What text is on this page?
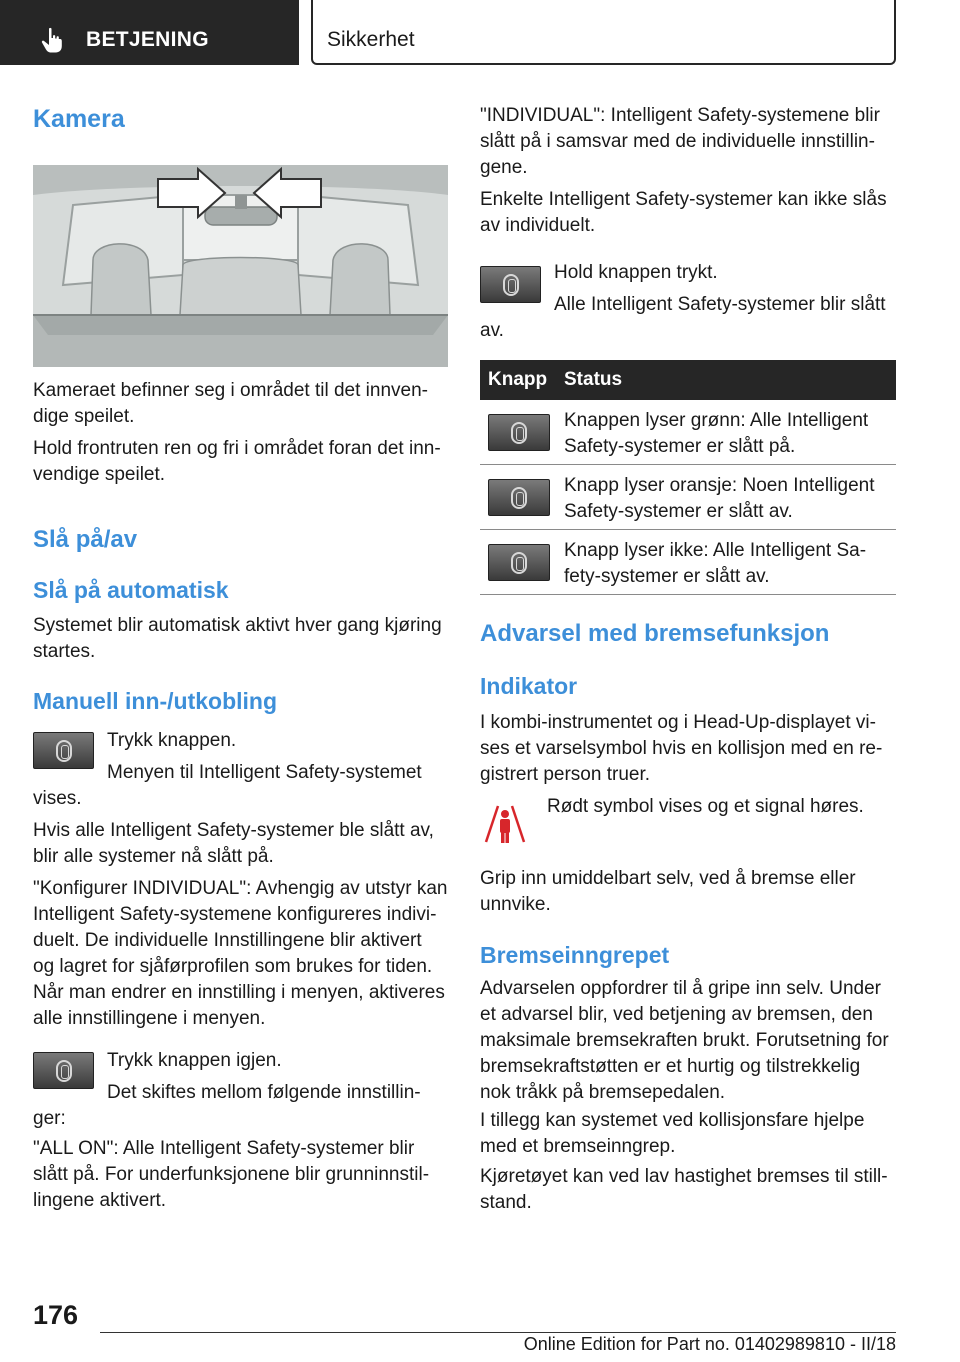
BETJENING	Sikkerhet
Kamera

Kameraet befinner seg i området til det innven-dige speilet.

Hold frontruten ren og fri i området foran det inn-vendige speilet.

Slå på/av
Slå på automatisk

Systemet blir automatisk aktivt hver gang kjøring startes.

Manuell inn-/utkobling

Trykk knappen.

Menyen til Intelligent Safety-systemet vises.

Hvis alle Intelligent Safety-systemer ble slått av, blir alle systemer nå slått på.

"Konfigurer INDIVIDUAL": Avhengig av utstyr kan Intelligent Safety-systemene konfigureres indivi-duelt. De individuelle Innstillingene blir aktivert og lagret for sjåførprofilen som brukes for tiden. Når man endrer en innstilling i menyen, aktiveres alle innstillingene i menyen.

Trykk knappen igjen.

Det skiftes mellom følgende innstillin-ger:

"ALL ON": Alle Intelligent Safety-systemer blir slått på. For underfunksjonene blir grunninnstil-lingene aktivert.

"INDIVIDUAL": Intelligent Safety-systemene blir slått på i samsvar med de individuelle innstillin-gene.

Enkelte Intelligent Safety-systemer kan ikke slås av individuelt.

Hold knappen trykt.

Alle Intelligent Safety-systemer blir slått av.

Knapp Status

Knappen lyser grønn: Alle Intelligent Safety-systemer er slått på.

Knapp lyser oransje: Noen Intelligent Safety-systemer er slått av.

Knapp lyser ikke: Alle Intelligent Sa-fety-systemer er slått av.

Advarsel med bremsefunksjon
Indikator

I kombi-instrumentet og i Head-Up-displayet vi-ses et varselsymbol hvis en kollisjon med en re-gistrert person truer.

Rødt symbol vises og et signal høres.

Grip inn umiddelbart selv, ved å bremse eller unnvike.

Bremseinngrepet

Advarselen oppfordrer til å gripe inn selv. Under et advarsel blir, ved betjening av bremsen, den maksimale bremsekraften brukt. Forutsetning for bremsekraftstøtten er et hurtig og tilstrekkelig nok tråkk på bremsepedalen.

I tillegg kan systemet ved kollisjonsfare hjelpe med et bremseinngrep.

Kjøretøyet kan ved lav hastighet bremses til still-stand.

176
Online Edition for Part no. 01402989810 - II/18
